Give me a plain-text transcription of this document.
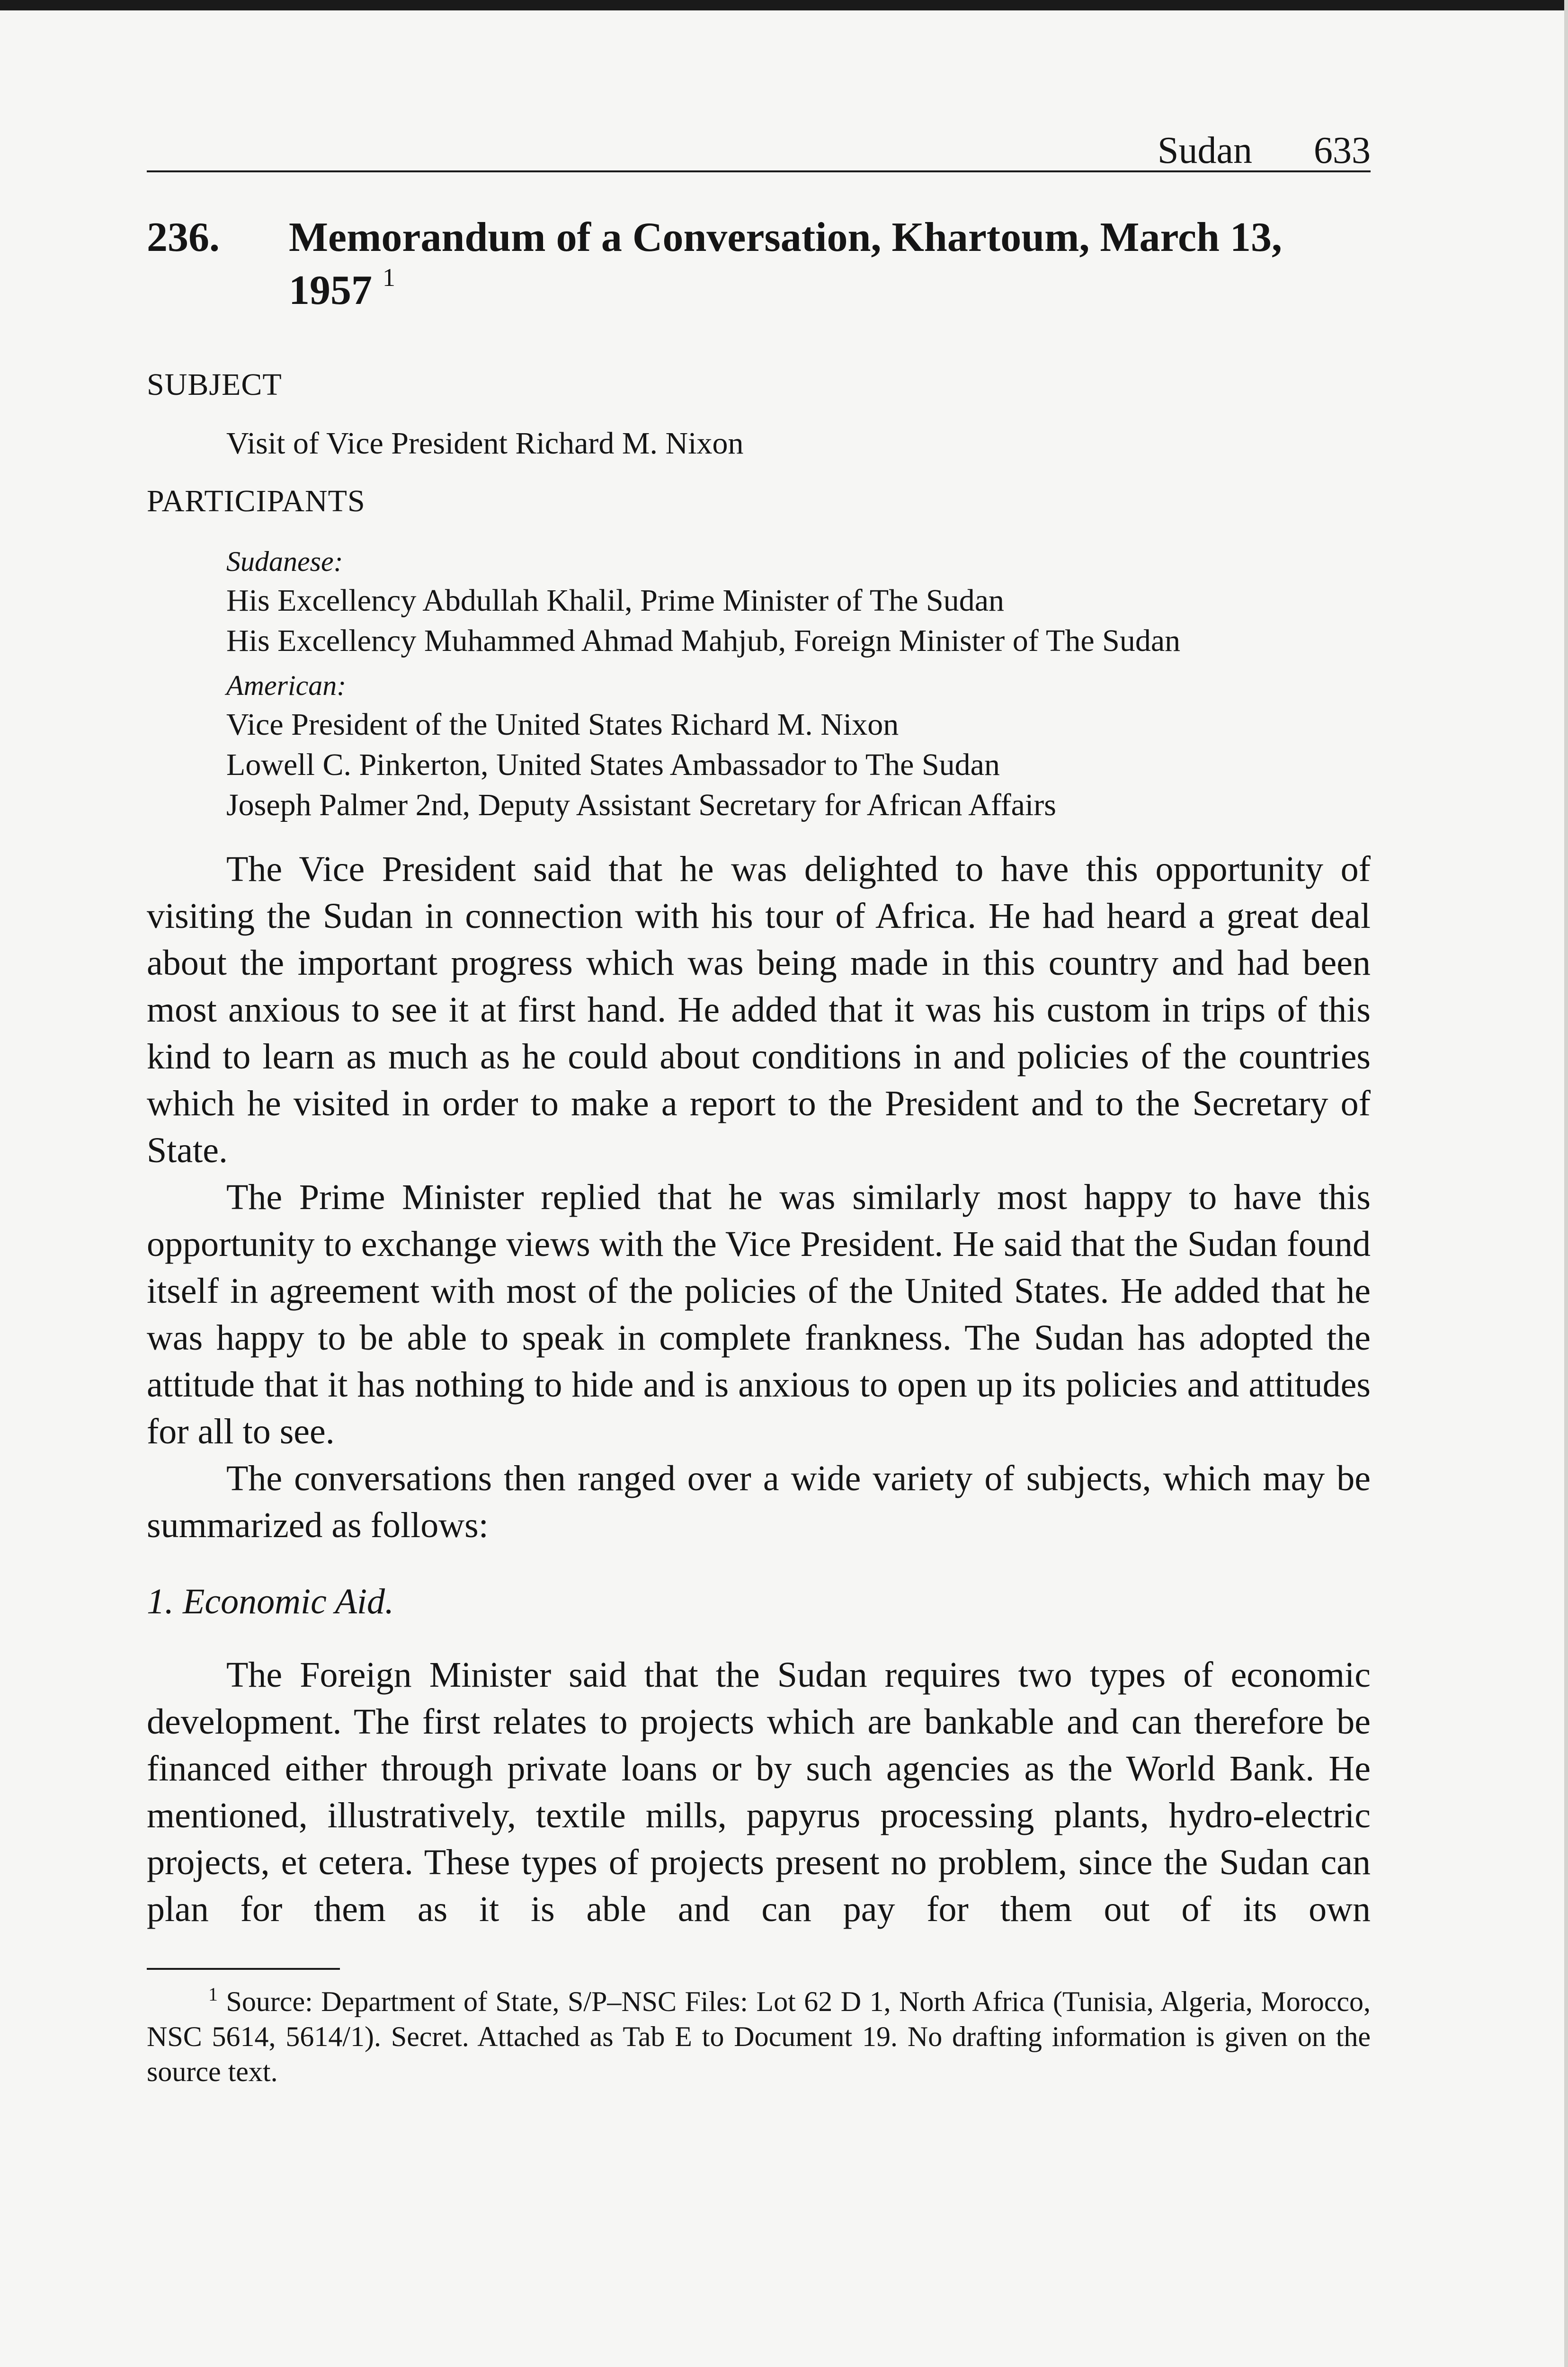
Sudan 633
236.	Memorandum of a Conversation, Khartoum, March 13, 1957 $^1$
SUBJECT
Visit of Vice President Richard M. Nixon
PARTICIPANTS
Sudanese:
His Excellency Abdullah Khalil, Prime Minister of The Sudan
His Excellency Muhammed Ahmad Mahjub, Foreign Minister of The Sudan
American:
Vice President of the United States Richard M. Nixon
Lowell C. Pinkerton, United States Ambassador to The Sudan
Joseph Palmer 2nd, Deputy Assistant Secretary for African Affairs

The Vice President said that he was delighted to have this opportunity of visiting the Sudan in connection with his tour of Africa. He had heard a great deal about the important progress which was being made in this country and had been most anxious to see it at first hand. He added that it was his custom in trips of this kind to learn as much as he could about conditions in and policies of the countries which he visited in order to make a report to the President and to the Secretary of State.

The Prime Minister replied that he was similarly most happy to have this opportunity to exchange views with the Vice President. He said that the Sudan found itself in agreement with most of the policies of the United States. He added that he was happy to be able to speak in complete frankness. The Sudan has adopted the attitude that it has nothing to hide and is anxious to open up its policies and attitudes for all to see.

The conversations then ranged over a wide variety of subjects, which may be summarized as follows:

1. Economic Aid.

The Foreign Minister said that the Sudan requires two types of economic development. The first relates to projects which are bankable and can therefore be financed either through private loans or by such agencies as the World Bank. He mentioned, illustratively, textile mills, papyrus processing plants, hydro-electric projects, et cetera. These types of projects present no problem, since the Sudan can plan for them as it is able and can pay for them out of its own

$^1$ Source: Department of State, S/P–NSC Files: Lot 62 D 1, North Africa (Tunisia, Algeria, Morocco, NSC 5614, 5614/1). Secret. Attached as Tab E to Document 19. No drafting information is given on the source text.
